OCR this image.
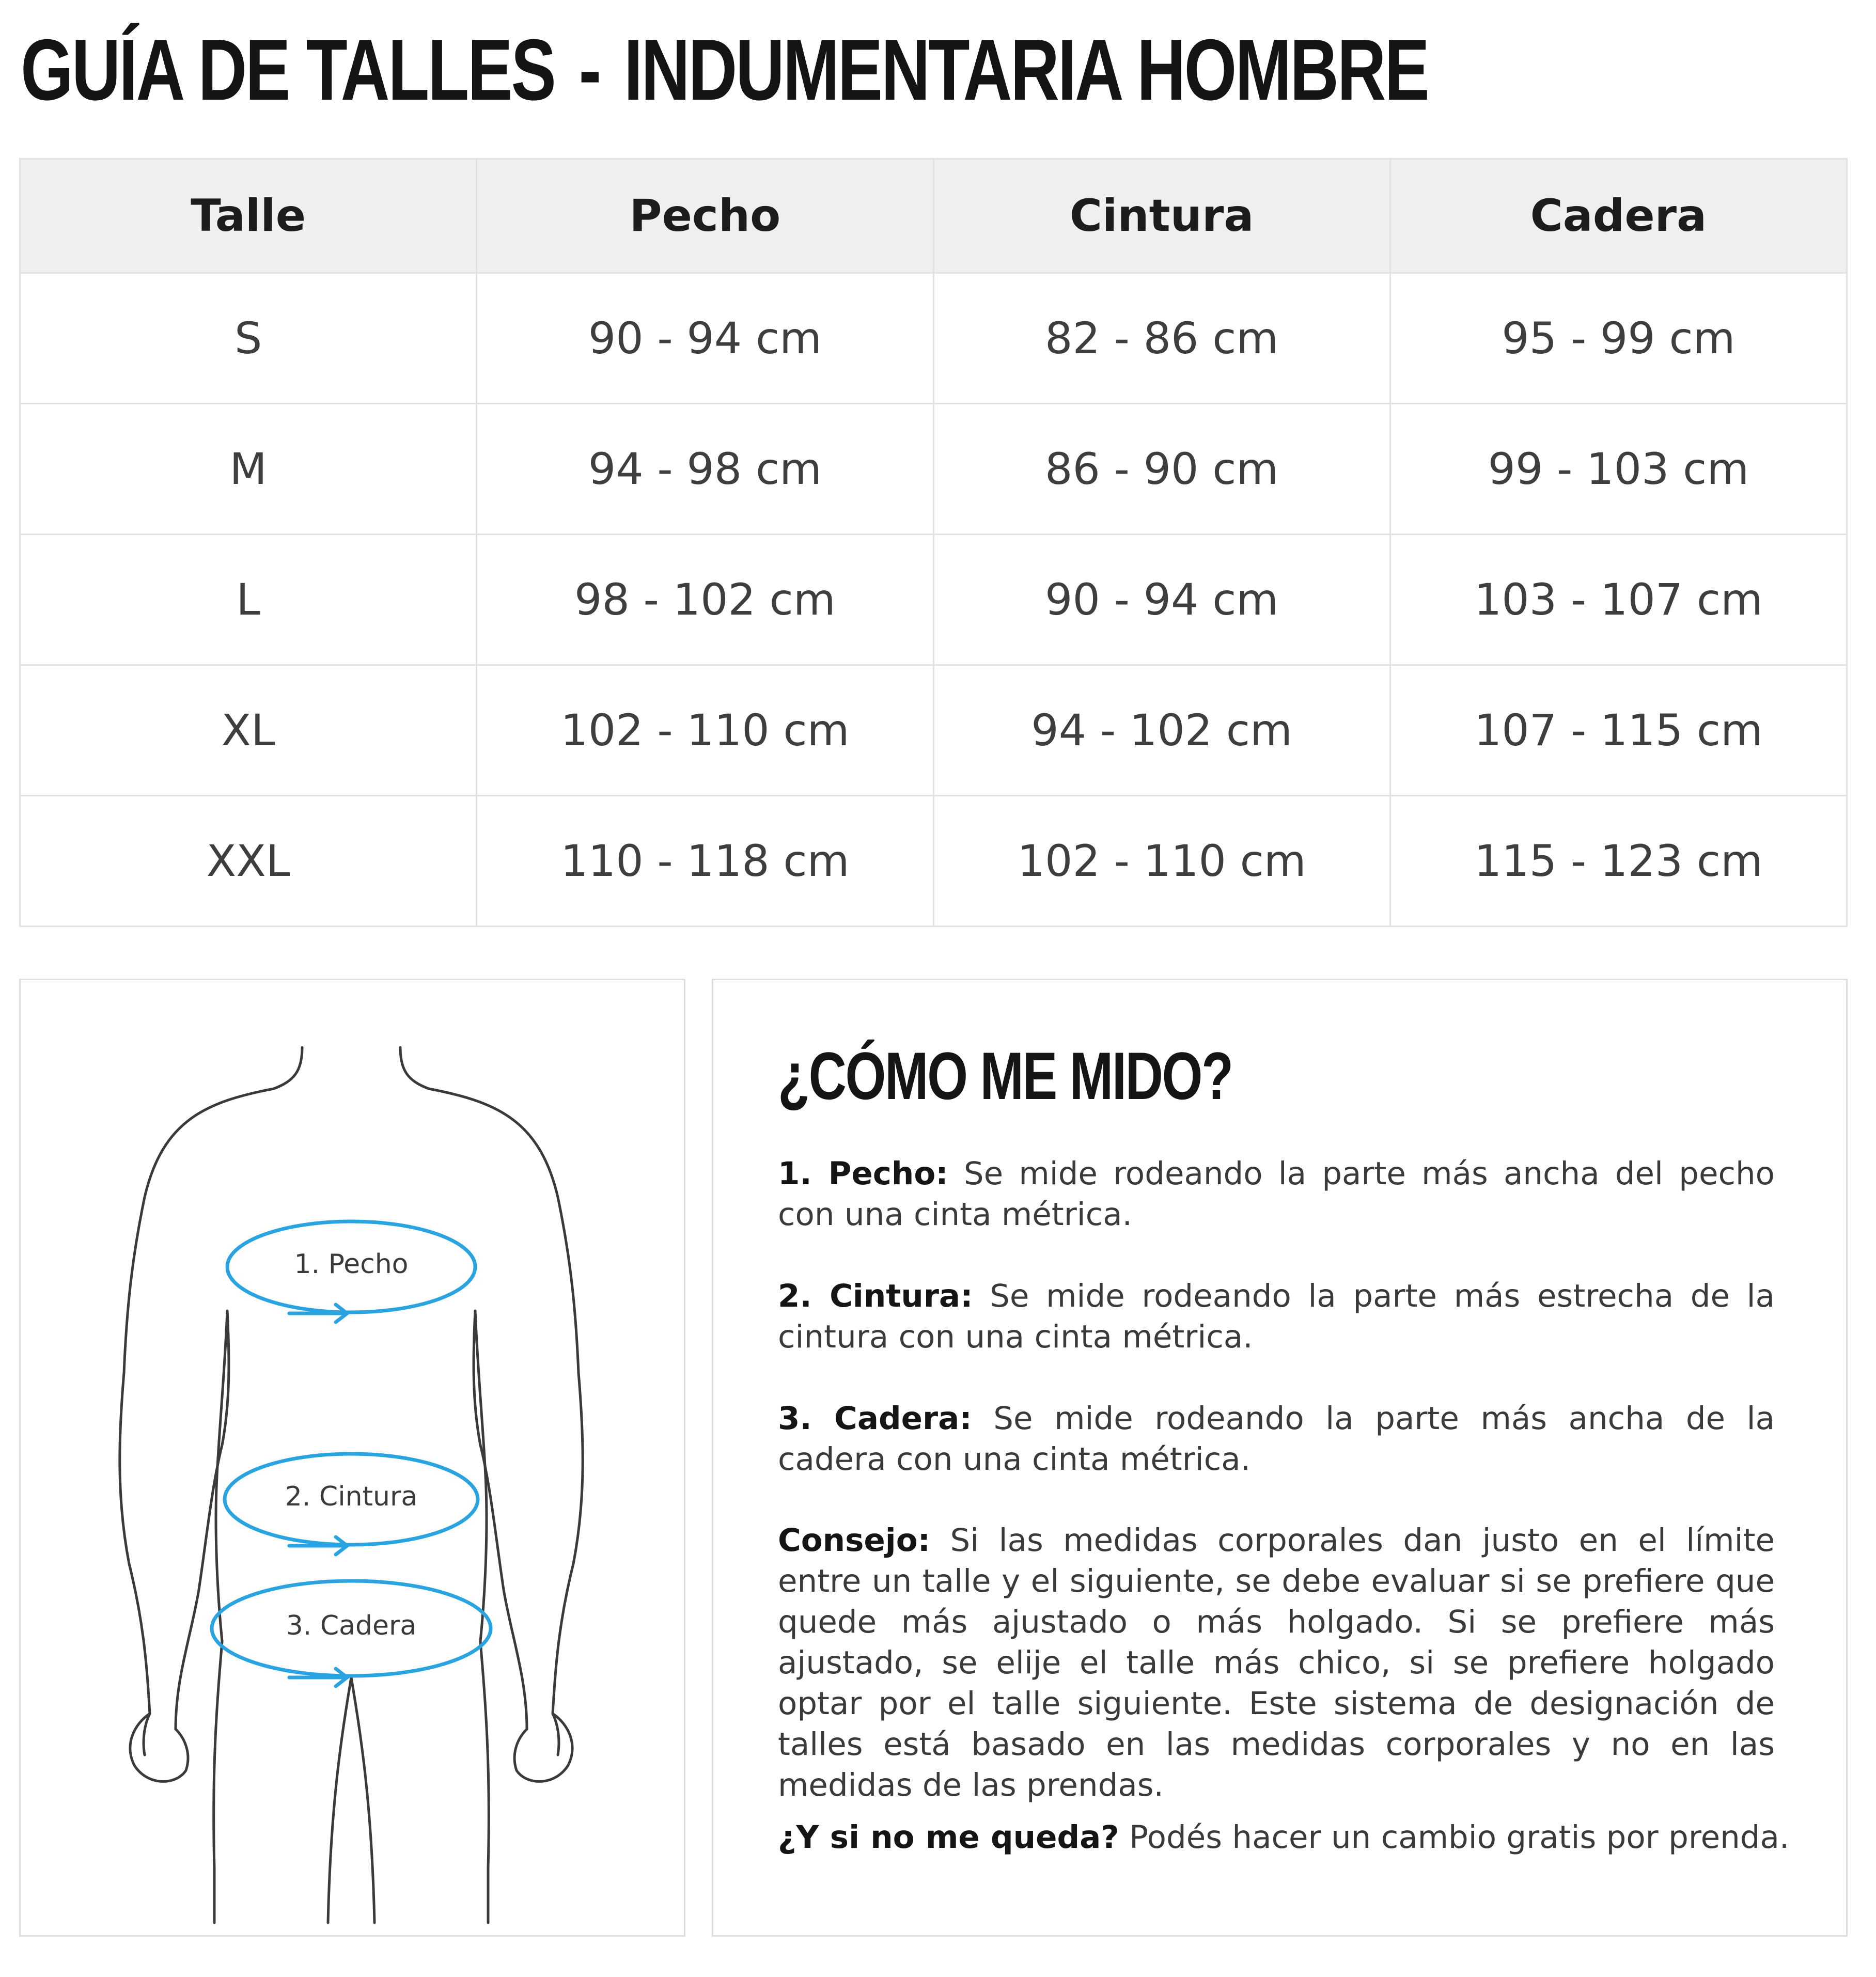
GUÍA DE TALLES - INDUMENTARIA HOMBRE
Talle	Pecho	Cintura	Cadera
S	90 - 94 cm	82 - 86 cm	95 - 99 cm
M	94 - 98 cm	86 - 90 cm	99 - 103 cm
L	98 - 102 cm	90 - 94 cm	103 - 107 cm
XL	102 - 110 cm	94 - 102 cm	107 - 115 cm
XXL	110 - 118 cm	102 - 110 cm	115 - 123 cm
1. Pecho
2. Cintura
3. Cadera
¿CÓMO ME MIDO?
1. Pecho: Se mide rodeando la parte más ancha del pecho con una cinta métrica.
2. Cintura: Se mide rodeando la parte más estrecha de la cintura con una cinta métrica.
3. Cadera: Se mide rodeando la parte más ancha de la cadera con una cinta métrica.
Consejo: Si las medidas corporales dan justo en el límite entre un talle y el siguiente, se debe evaluar si se prefiere que quede más ajustado o más holgado. Si se prefiere más ajustado, se elije el talle más chico, si se prefiere holgado optar por el talle siguiente. Este sistema de designación de talles está basado en las medidas corporales y no en las medidas de las prendas.
¿Y si no me queda? Podés hacer un cambio gratis por prenda.
